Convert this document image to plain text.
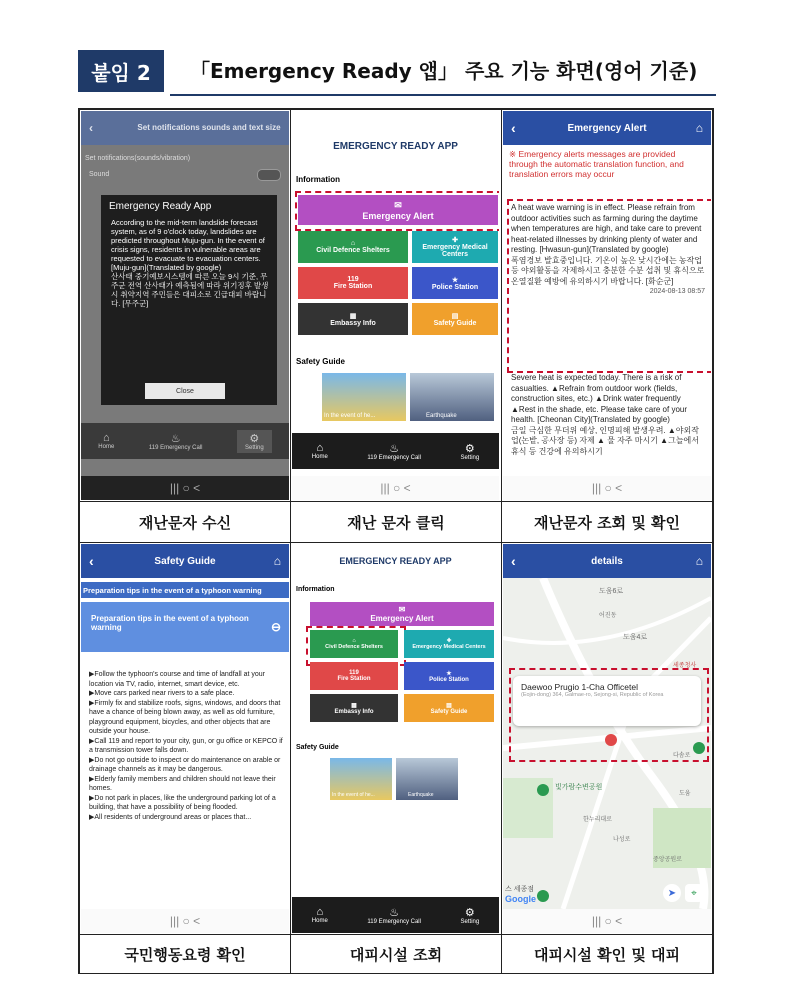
붙임 2	「Emergency Ready 앱」 주요 기능 화면(영어 기준)
‹	Set notifications sounds and text size
Set notifications(sounds/vibration)
Sound
Emergency Ready App
According to the mid-term landslide forecast system, as of 9 o'clock today, landslides are predicted throughout Muju-gun. In the event of crisis signs, residents in vulnerable areas are requested to evacuate to evacuation centers. [Muju-gun](Translated by google)
산사태 중기예보시스템에 따른 오늘 9시 기준, 무주군 전역 산사태가 예측됨에 따라 위기징후 발생 시 취약지역 주민들은 대피소로 긴급대피 바랍니다. [무주군]
Close
⌂
Home
♨
119 Emergency Call
⚙
Setting
||| ○ <
재난문자 수신
EMERGENCY READY APP
Information
✉
Emergency Alert
⌂
Civil Defence Shelters
✚
Emergency Medical Centers
119
Fire Station
★
Police Station
▦
Embassy Info
▤
Safety Guide
Safety Guide
In the event of he...	Earthquake
⌂
Home
♨
119 Emergency Call
⚙
Setting
||| ○ <
재난 문자 클릭
‹	Emergency Alert	⌂
※ Emergency alerts messages are provided through the automatic translation function, and translation errors may occur
A heat wave warning is in effect. Please refrain from outdoor activities such as farming during the daytime when temperatures are high, and take care to prevent heat-related illnesses by drinking plenty of water and resting. [Hwasun-gun](Translated by google)
폭염경보 발효중입니다. 기온이 높은 낮시간에는 농작업 등 야외활동을 자제하시고 충분한 수분 섭취 및 휴식으로 온열질환 예방에 유의하시기 바랍니다. [화순군]
2024-08-13 08:57
Severe heat is expected today. There is a risk of casualties. ▲Refrain from outdoor work (fields, construction sites, etc.) ▲Drink water frequently ▲Rest in the shade, etc. Please take care of your health. [Cheonan City](Translated by google)
금일 극심한 무더위 예상, 인명피해 발생우려. ▲야외작업(논밭, 공사장 등) 자제 ▲ 물 자주 마시기 ▲그늘에서 휴식 등 건강에 유의하시기
||| ○ <
재난문자 조회 및 확인
‹	Safety Guide	⌂
Preparation tips in the event of a typhoon warning
Preparation tips in the event of a typhoon warning	⊖
▶Follow the typhoon's course and time of landfall at your location via TV, radio, internet, smart device, etc.
▶Move cars parked near rivers to a safe place.
▶Firmly fix and stabilize roofs, signs, windows, and doors that have a chance of being blown away, as well as old furniture, playground equipment, bicycles, and other objects that are outside your house.
▶Call 119 and report to your city, gun, or gu office or KEPCO if a transmission tower falls down.
▶Do not go outside to inspect or do maintenance on arable or drainage channels as it may be dangerous.
▶Elderly family members and children should not leave their homes.
▶Do not park in places, like the underground parking lot of a building, that have a possibility of being flooded.
▶All residents of underground areas or places that...
||| ○ <
국민행동요령 확인
EMERGENCY READY APP
Information
✉
Emergency Alert
⌂
Civil Defence Shelters
✚
Emergency Medical Centers
119
Fire Station
★
Police Station
▦
Embassy Info
▤
Safety Guide
Safety Guide
In the event of he...	Earthquake
⌂
Home
♨
119 Emergency Call
⚙
Setting
대피시설 조회
‹	details	⌂
도움6로
어진동
도움4로
세종청사
빛가람수변공원
한누리대로
나성로
다솜로
도움
중앙공원로
스 세종점
Daewoo Prugio 1-Cha Officetel
(Eojin-dong) 364, Galmae-ro, Sejong-si, Republic of Korea
Google
➤	⌖
||| ○ <
대피시설 확인 및 대피
